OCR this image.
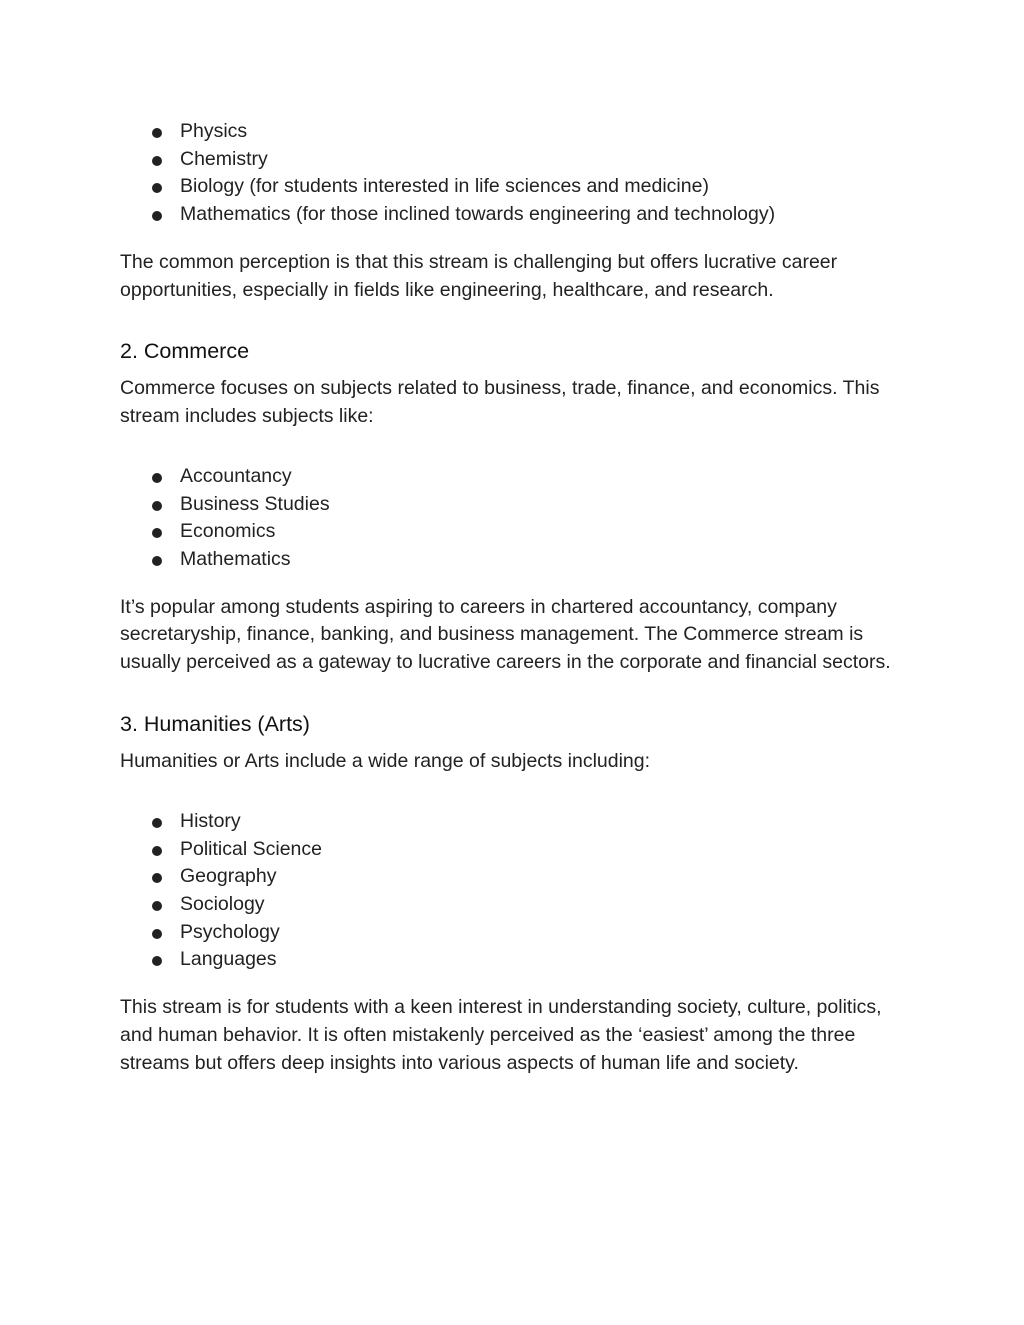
Physics
Chemistry
Biology (for students interested in life sciences and medicine)
Mathematics (for those inclined towards engineering and technology)

The common perception is that this stream is challenging but offers lucrative career opportunities, especially in fields like engineering, healthcare, and research.

2. Commerce

Commerce focuses on subjects related to business, trade, finance, and economics. This stream includes subjects like:

Accountancy
Business Studies
Economics
Mathematics

It’s popular among students aspiring to careers in chartered accountancy, company secretaryship, finance, banking, and business management. The Commerce stream is usually perceived as a gateway to lucrative careers in the corporate and financial sectors.

3. Humanities (Arts)

Humanities or Arts include a wide range of subjects including:

History
Political Science
Geography
Sociology
Psychology
Languages

This stream is for students with a keen interest in understanding society, culture, politics, and human behavior. It is often mistakenly perceived as the ‘easiest’ among the three streams but offers deep insights into various aspects of human life and society.
